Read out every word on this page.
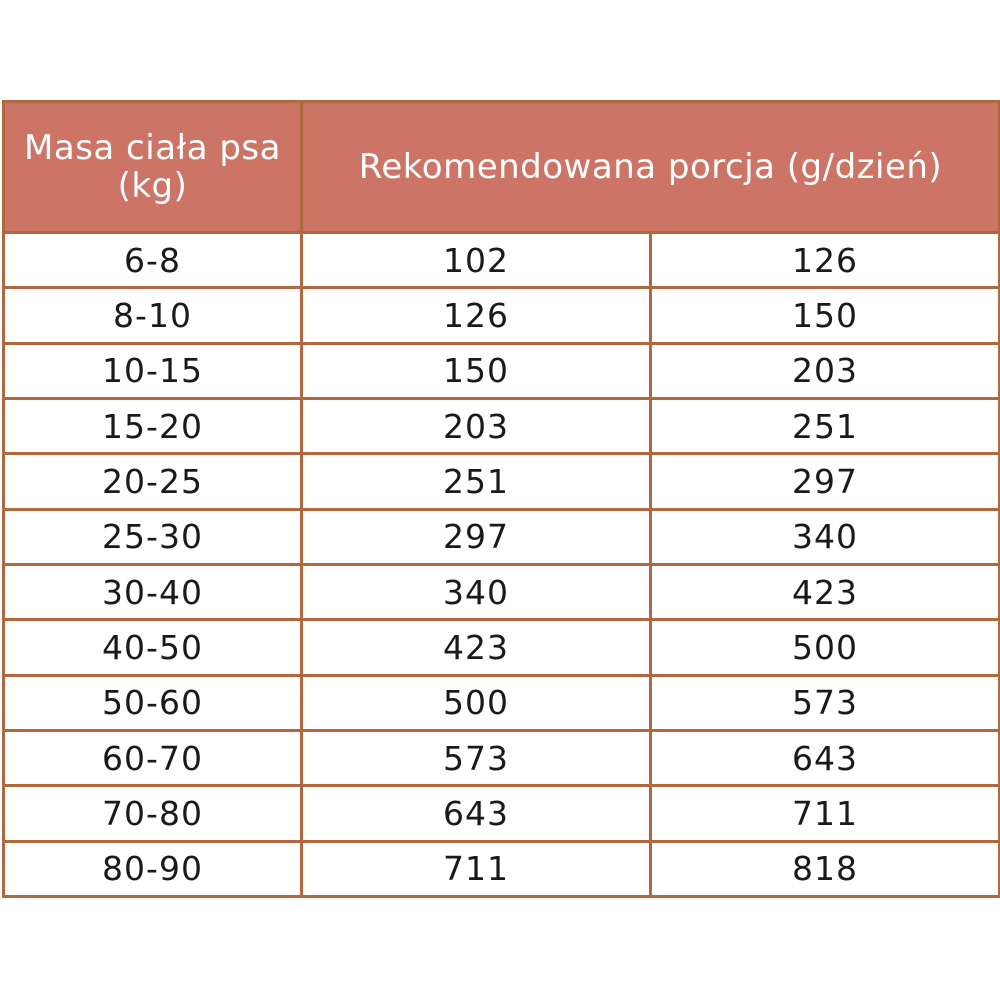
Masa ciała psa (kg)	Rekomendowana porcja (g/dzień)	
6-8	102	126
8-10	126	150
10-15	150	203
15-20	203	251
20-25	251	297
25-30	297	340
30-40	340	423
40-50	423	500
50-60	500	573
60-70	573	643
70-80	643	711
80-90	711	818
